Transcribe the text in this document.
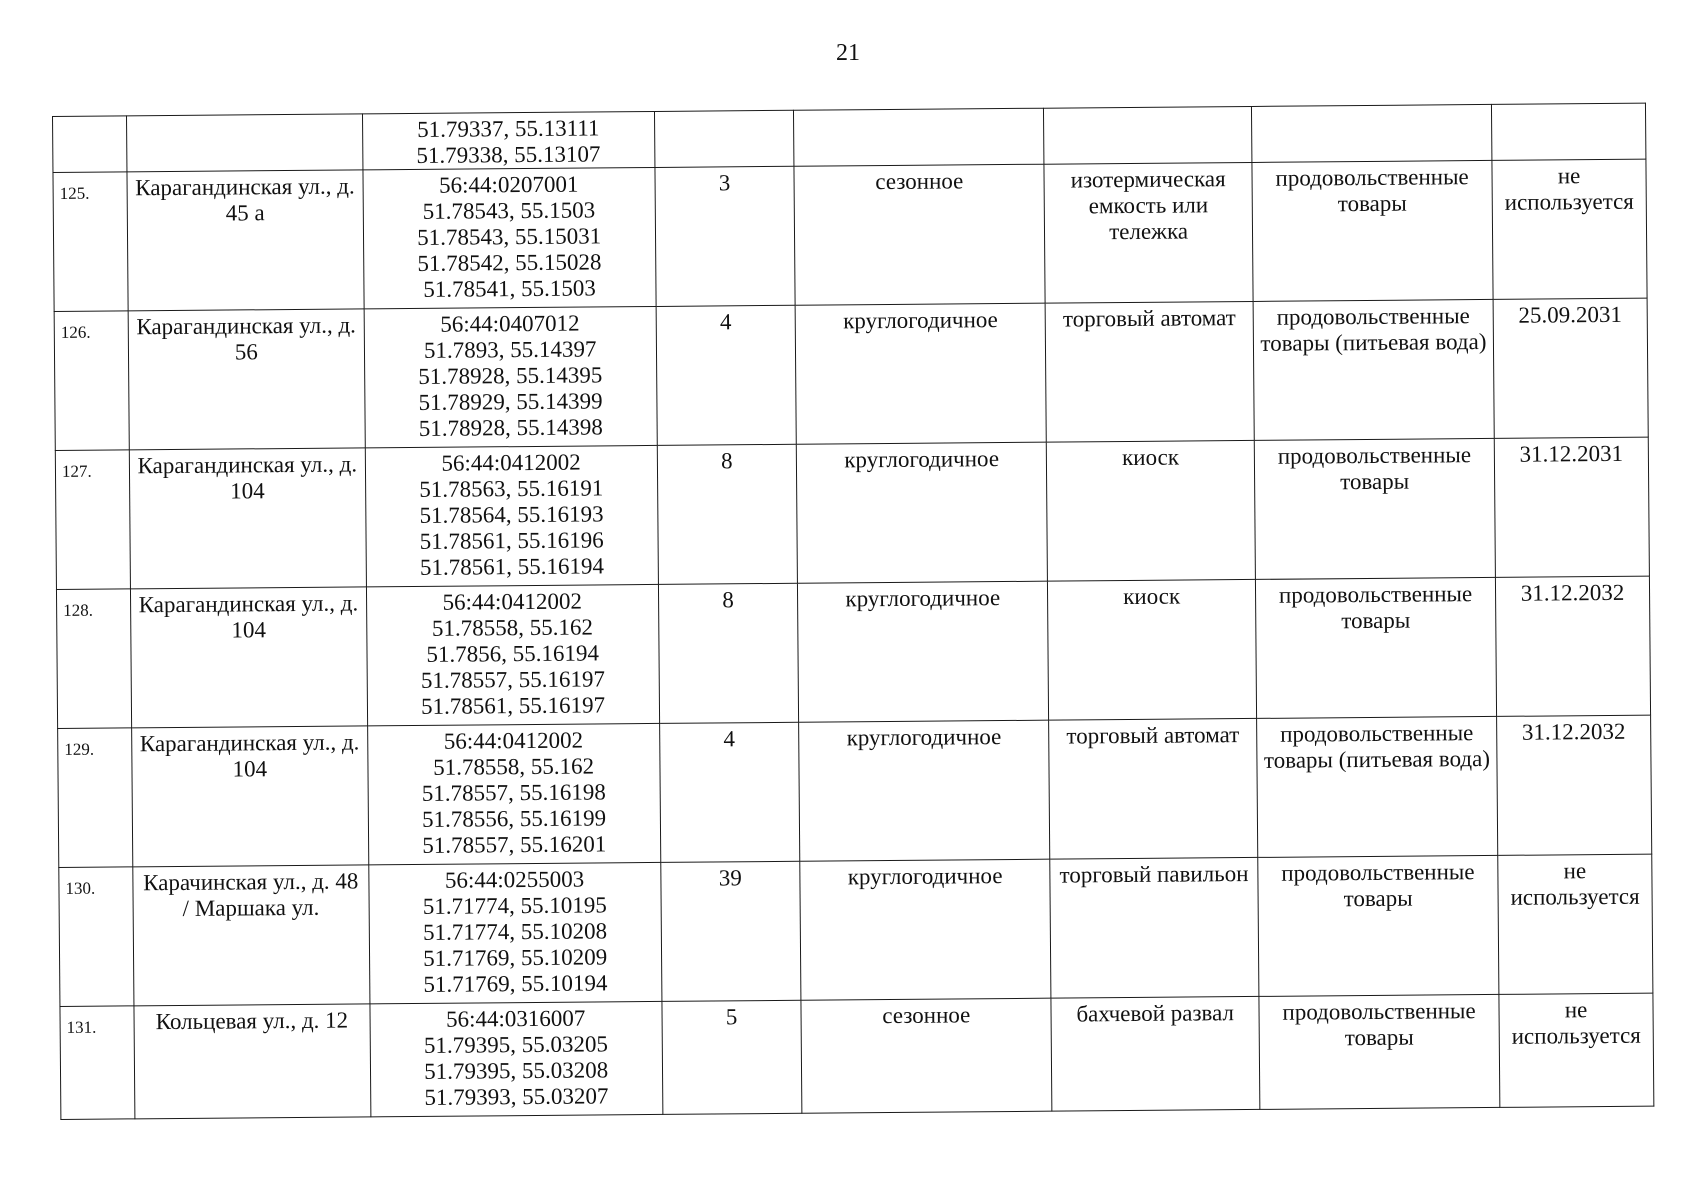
21

		51.79337, 55.13111
51.79338, 55.13107					

125.	Карагандинская ул., д. 45 а	56:44:0207001
51.78543, 55.1503
51.78543, 55.15031
51.78542, 55.15028
51.78541, 55.1503	3	сезонное	изотермическая емкость или тележка	продовольственные товары	не используется
126.	Карагандинская ул., д. 56	56:44:0407012
51.7893, 55.14397
51.78928, 55.14395
51.78929, 55.14399
51.78928, 55.14398	4	круглогодичное	торговый автомат	продовольственные товары (питьевая вода)	25.09.2031
127.	Карагандинская ул., д. 104	56:44:0412002
51.78563, 55.16191
51.78564, 55.16193
51.78561, 55.16196
51.78561, 55.16194	8	круглогодичное	киоск	продовольственные товары	31.12.2031
128.	Карагандинская ул., д. 104	56:44:0412002
51.78558, 55.162
51.7856, 55.16194
51.78557, 55.16197
51.78561, 55.16197	8	круглогодичное	киоск	продовольственные товары	31.12.2032
129.	Карагандинская ул., д. 104	56:44:0412002
51.78558, 55.162
51.78557, 55.16198
51.78556, 55.16199
51.78557, 55.16201	4	круглогодичное	торговый автомат	продовольственные товары (питьевая вода)	31.12.2032
130.	Карачинская ул., д. 48 / Маршака ул.	56:44:0255003
51.71774, 55.10195
51.71774, 55.10208
51.71769, 55.10209
51.71769, 55.10194	39	круглогодичное	торговый павильон	продовольственные товары	не используется
131.	Кольцевая ул., д. 12	56:44:0316007
51.79395, 55.03205
51.79395, 55.03208
51.79393, 55.03207	5	сезонное	бахчевой развал	продовольственные товары	не используется
